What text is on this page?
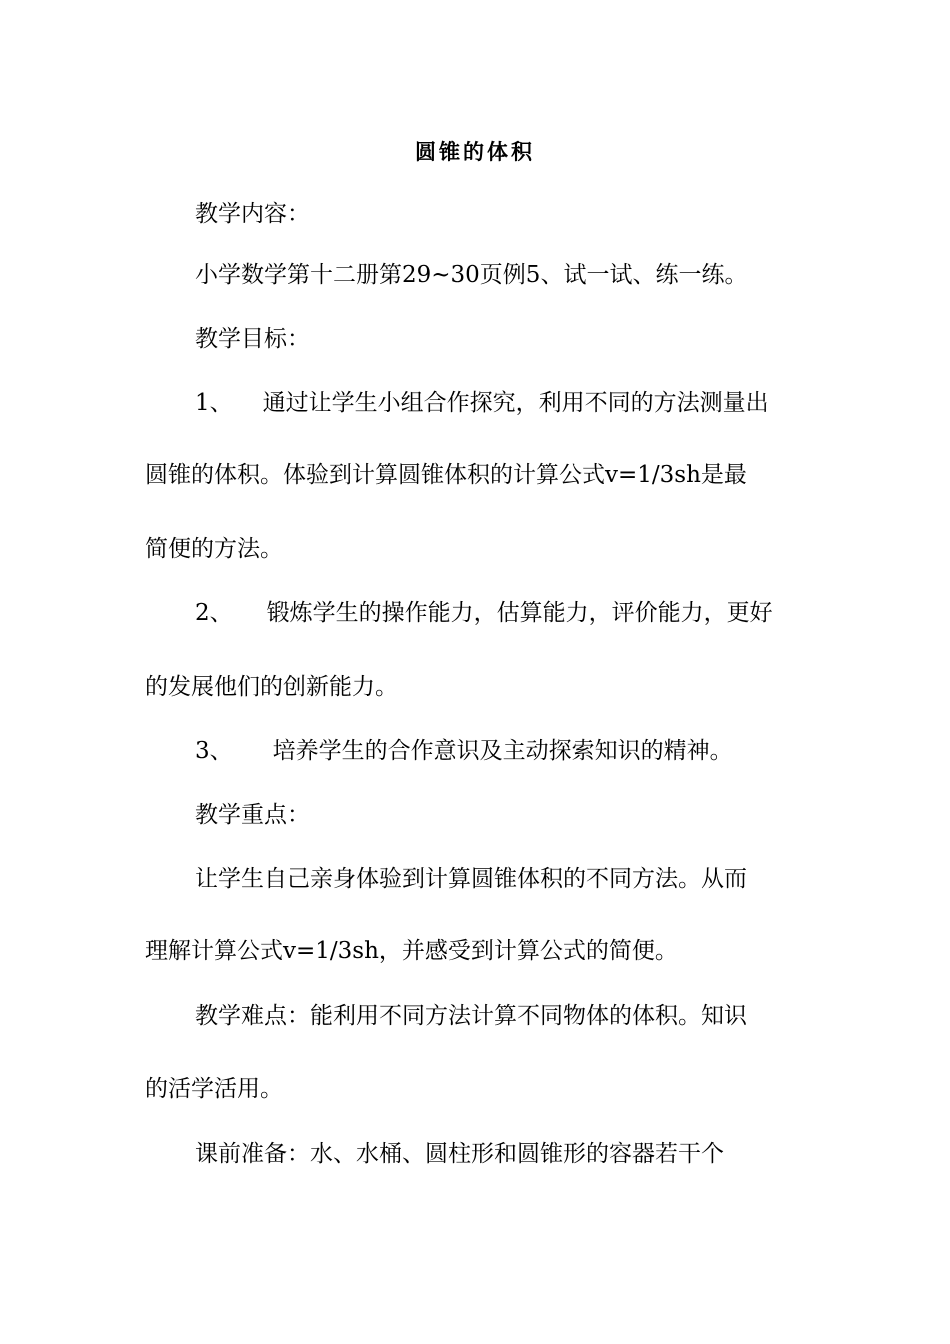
圆锥的体积
教学内容：
小学数学第十二册第29~30页例5、试一试、练一练。
教学目标：
1、 通过让学生小组合作探究，利用不同的方法测量出
圆锥的体积。体验到计算圆锥体积的计算公式v=1/3sh是最
简便的方法。
2、 锻炼学生的操作能力，估算能力，评价能力，更好
的发展他们的创新能力。
3、 培养学生的合作意识及主动探索知识的精神。
教学重点：
让学生自己亲身体验到计算圆锥体积的不同方法。从而
理解计算公式v=1/3sh，并感受到计算公式的简便。
教学难点：能利用不同方法计算不同物体的体积。知识
的活学活用。
课前准备：水、水桶、圆柱形和圆锥形的容器若干个
